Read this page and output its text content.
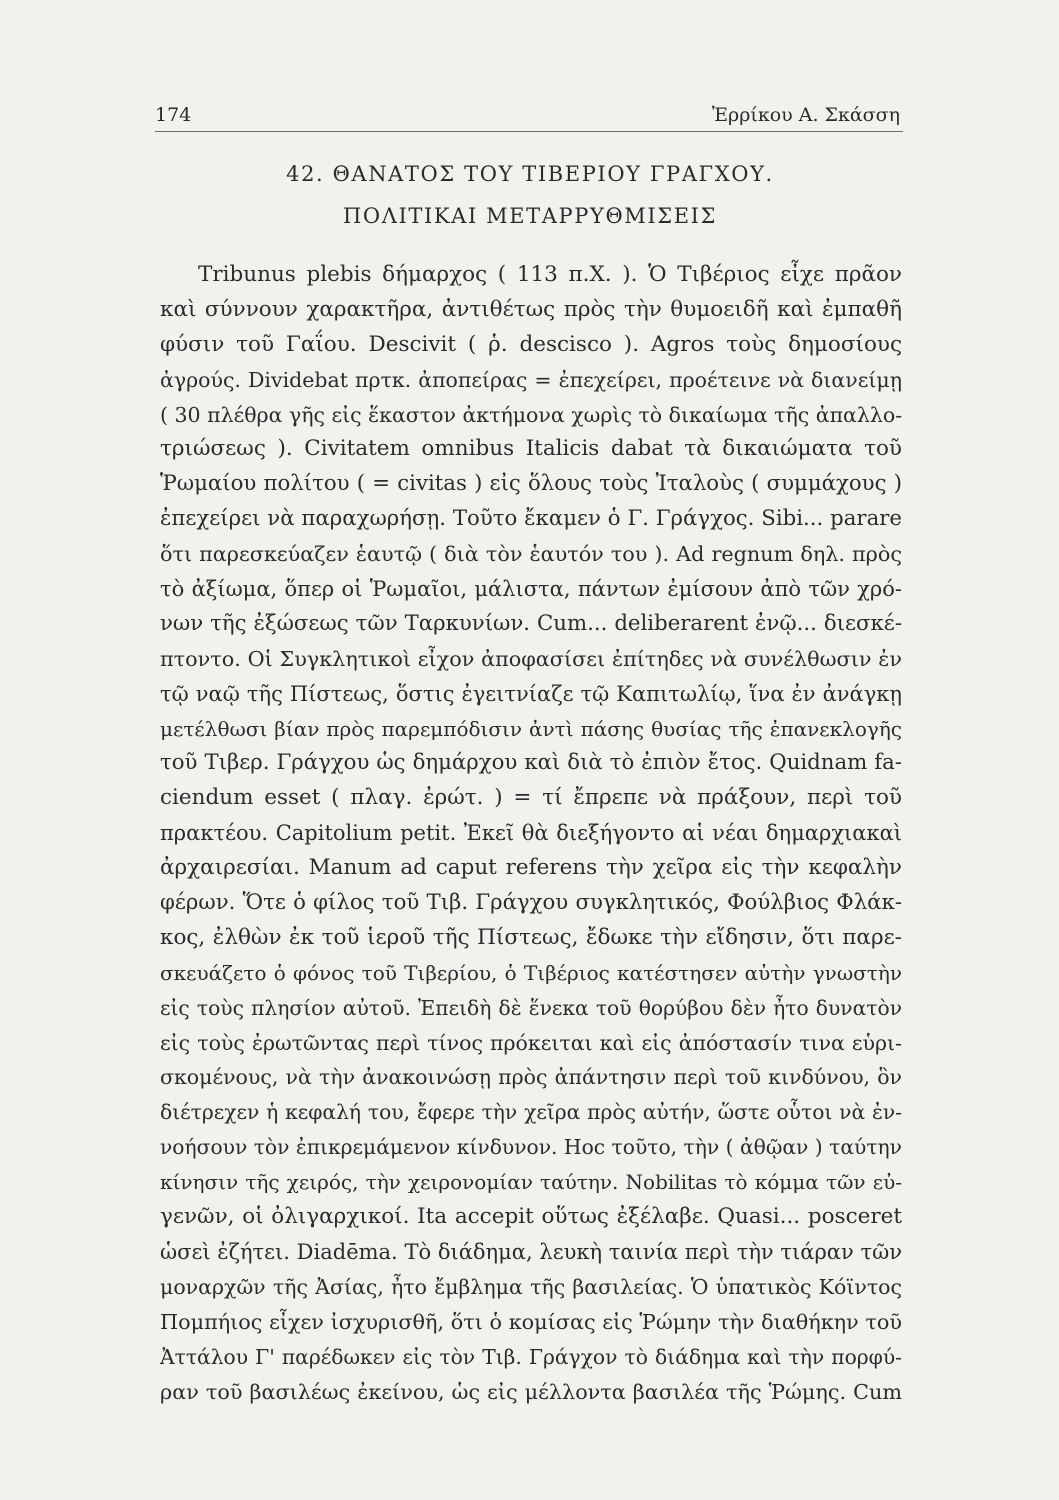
174	Ἐρρίκου Α. Σκάσση
42. ΘΑΝΑΤΟΣ ΤΟΥ ΤΙΒΕΡΙΟΥ ΓΡΑΓΧΟΥ.
ΠΟΛΙΤΙΚΑΙ ΜΕΤΑΡΡΥΘΜΙΣΕΙΣ
Tribunus plebis δήμαρχος ( 113 π.Χ. ). Ὁ Τιβέριος εἶχε πρᾶον
καὶ σύννουν χαρακτῆρα, ἀντιθέτως πρὸς τὴν θυμοειδῆ καὶ ἐμπαθῆ
φύσιν τοῦ Γαΐου. Descivit ( ῥ. descisco ). Agros τοὺς δημοσίους
ἀγρούς. Dividebat πρτκ. ἀποπείρας = ἐπεχείρει, προέτεινε νὰ διανείμῃ
( 30 πλέθρα γῆς εἰς ἕκαστον ἀκτήμονα χωρὶς τὸ δικαίωμα τῆς ἀπαλλο-
τριώσεως ). Civitatem omnibus Italicis dabat τὰ δικαιώματα τοῦ
Ῥωμαίου πολίτου ( = civitas ) εἰς ὅλους τοὺς Ἰταλοὺς ( συμμάχους )
ἐπεχείρει νὰ παραχωρήσῃ. Τοῦτο ἔκαμεν ὁ Γ. Γράγχος. Sibi... parare
ὅτι παρεσκεύαζεν ἑαυτῷ ( διὰ τὸν ἑαυτόν του ). Ad regnum δηλ. πρὸς
τὸ ἀξίωμα, ὅπερ οἱ Ῥωμαῖοι, μάλιστα, πάντων ἐμίσουν ἀπὸ τῶν χρό-
νων τῆς ἐξώσεως τῶν Ταρκυνίων. Cum... deliberarent ἐνῷ... διεσκέ-
πτοντο. Οἱ Συγκλητικοὶ εἶχον ἀποφασίσει ἐπίτηδες νὰ συνέλθωσιν ἐν
τῷ ναῷ τῆς Πίστεως, ὅστις ἐγειτνίαζε τῷ Καπιτωλίῳ, ἵνα ἐν ἀνάγκῃ
μετέλθωσι βίαν πρὸς παρεμπόδισιν ἀντὶ πάσης θυσίας τῆς ἐπανεκλογῆς
τοῦ Τιβερ. Γράγχου ὡς δημάρχου καὶ διὰ τὸ ἐπιὸν ἔτος. Quidnam fa-
ciendum esset ( πλαγ. ἐρώτ. ) = τί ἔπρεπε νὰ πράξουν, περὶ τοῦ
πρακτέου. Capitolium petit. Ἐκεῖ θὰ διεξήγοντο αἱ νέαι δημαρχιακαὶ
ἀρχαιρεσίαι. Manum ad caput referens τὴν χεῖρα εἰς τὴν κεφαλὴν
φέρων. Ὅτε ὁ φίλος τοῦ Τιβ. Γράγχου συγκλητικός, Φούλβιος Φλάκ-
κος, ἐλθὼν ἐκ τοῦ ἱεροῦ τῆς Πίστεως, ἔδωκε τὴν εἴδησιν, ὅτι παρε-
σκευάζετο ὁ φόνος τοῦ Τιβερίου, ὁ Τιβέριος κατέστησεν αὐτὴν γνωστὴν
εἰς τοὺς πλησίον αὐτοῦ. Ἐπειδὴ δὲ ἕνεκα τοῦ θορύβου δὲν ἦτο δυνατὸν
εἰς τοὺς ἐρωτῶντας περὶ τίνος πρόκειται καὶ εἰς ἀπόστασίν τινα εὑρι-
σκομένους, νὰ τὴν ἀνακοινώσῃ πρὸς ἀπάντησιν περὶ τοῦ κινδύνου, ὃν
διέτρεχεν ἡ κεφαλή του, ἔφερε τὴν χεῖρα πρὸς αὐτήν, ὥστε οὗτοι νὰ ἐν-
νοήσουν τὸν ἐπικρεμάμενον κίνδυνον. Hoc τοῦτο, τὴν ( ἀθῷαν ) ταύτην
κίνησιν τῆς χειρός, τὴν χειρονομίαν ταύτην. Nobilitas τὸ κόμμα τῶν εὐ-
γενῶν, οἱ ὀλιγαρχικοί. Ita accepit οὕτως ἐξέλαβε. Quasi... posceret
ὡσεὶ ἐζήτει. Diadēma. Τὸ διάδημα, λευκὴ ταινία περὶ τὴν τιάραν τῶν
μοναρχῶν τῆς Ἀσίας, ἦτο ἔμβλημα τῆς βασιλείας. Ὁ ὑπατικὸς Κόϊντος
Πομπήιος εἶχεν ἰσχυρισθῆ, ὅτι ὁ κομίσας εἰς Ῥώμην τὴν διαθήκην τοῦ
Ἀττάλου Γ' παρέδωκεν εἰς τὸν Τιβ. Γράγχον τὸ διάδημα καὶ τὴν πορφύ-
ραν τοῦ βασιλέως ἐκείνου, ὡς εἰς μέλλοντα βασιλέα τῆς Ῥώμης. Cum
